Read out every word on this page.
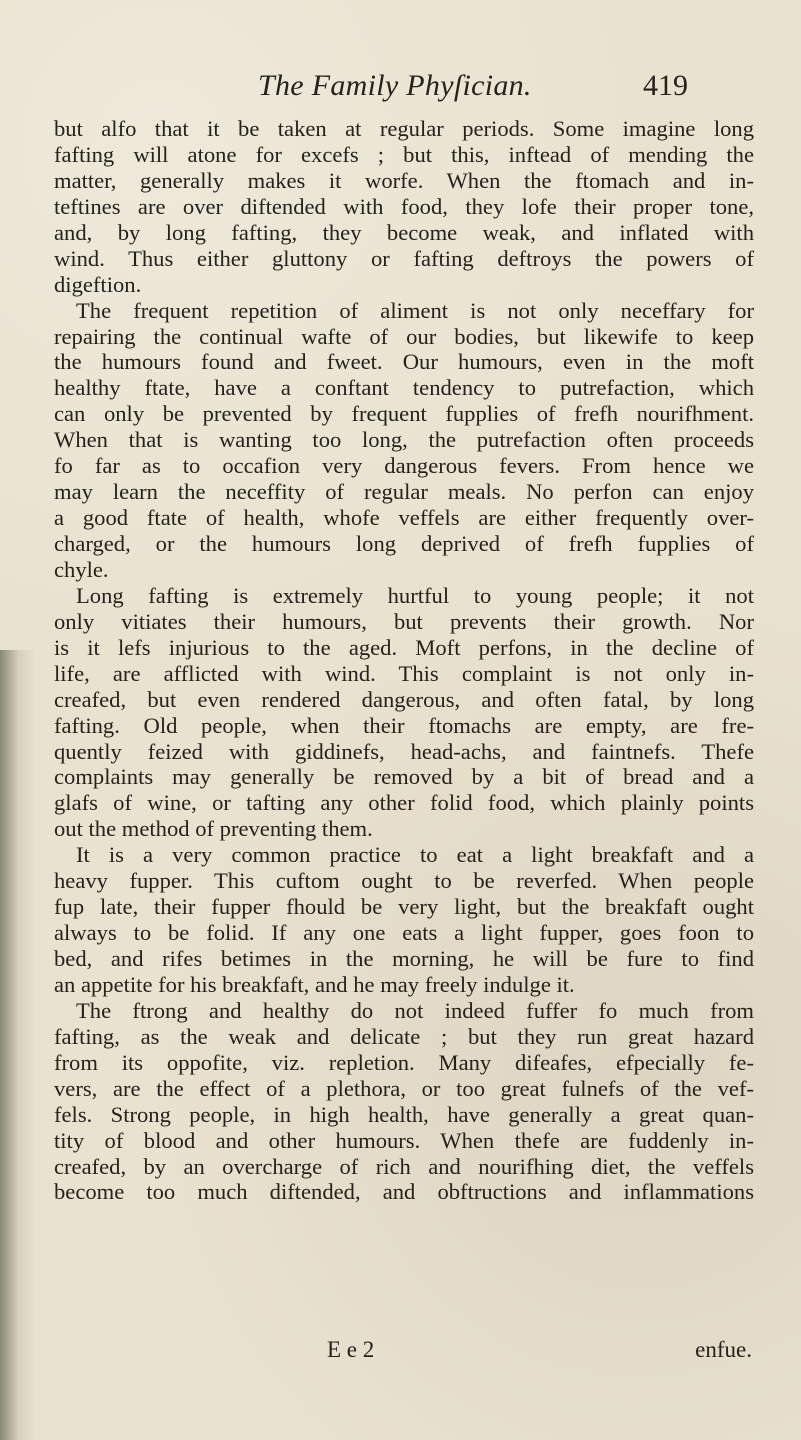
The Family Phyſician.	419
but alfo that it be taken at regular periods. Some imagine long
fafting will atone for excefs ; but this, inftead of mending the
matter, generally makes it worfe. When the ftomach and in-
teftines are over diftended with food, they lofe their proper tone,
and, by long fafting, they become weak, and inflated with
wind. Thus either gluttony or fafting deftroys the powers of
digeftion.
The frequent repetition of aliment is not only neceffary for
repairing the continual wafte of our bodies, but likewife to keep
the humours found and fweet. Our humours, even in the moft
healthy ftate, have a conftant tendency to putrefaction, which
can only be prevented by frequent fupplies of frefh nourifhment.
When that is wanting too long, the putrefaction often proceeds
fo far as to occafion very dangerous fevers. From hence we
may learn the neceffity of regular meals. No perfon can enjoy
a good ftate of health, whofe veffels are either frequently over-
charged, or the humours long deprived of frefh fupplies of
chyle.
Long fafting is extremely hurtful to young people; it not
only vitiates their humours, but prevents their growth. Nor
is it lefs injurious to the aged. Moft perfons, in the decline of
life, are afflicted with wind. This complaint is not only in-
creafed, but even rendered dangerous, and often fatal, by long
fafting. Old people, when their ftomachs are empty, are fre-
quently feized with giddinefs, head-achs, and faintnefs. Thefe
complaints may generally be removed by a bit of bread and a
glafs of wine, or tafting any other folid food, which plainly points
out the method of preventing them.
It is a very common practice to eat a light breakfaft and a
heavy fupper. This cuftom ought to be reverfed. When people
fup late, their fupper fhould be very light, but the breakfaft ought
always to be folid. If any one eats a light fupper, goes foon to
bed, and rifes betimes in the morning, he will be fure to find
an appetite for his breakfaft, and he may freely indulge it.
The ftrong and healthy do not indeed fuffer fo much from
fafting, as the weak and delicate ; but they run great hazard
from its oppofite, viz. repletion. Many difeafes, efpecially fe-
vers, are the effect of a plethora, or too great fulnefs of the vef-
fels. Strong people, in high health, have generally a great quan-
tity of blood and other humours. When thefe are fuddenly in-
creafed, by an overcharge of rich and nourifhing diet, the veffels
become too much diftended, and obftructions and inflammations
E e 2	enfue.
